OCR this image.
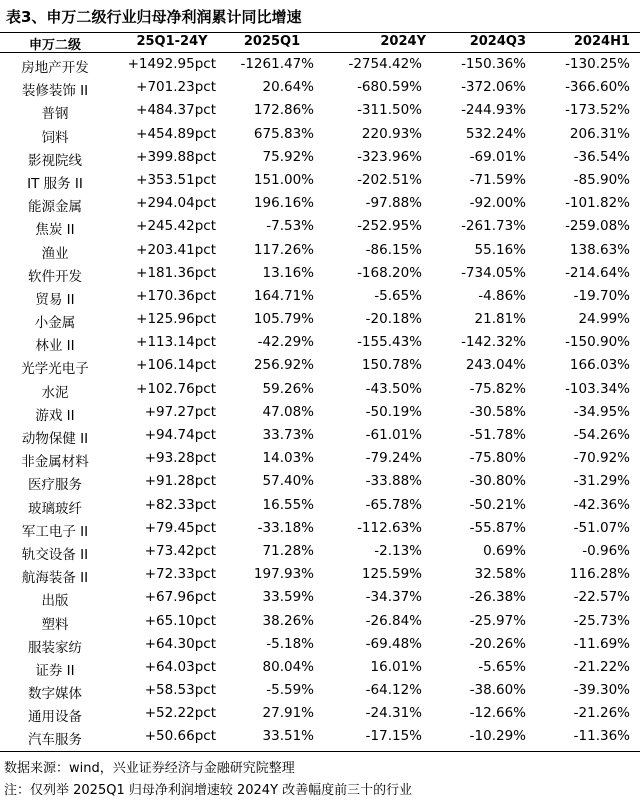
表3、申万二级行业归母净利润累计同比增速
申万二级	25Q1-24Y	2025Q1	2024Y	2024Q3	2024H1
房地产开发	+1492.95pct	-1261.47%	-2754.42%	-150.36%	-130.25%
装修装饰 II	+701.23pct	20.64%	-680.59%	-372.06%	-366.60%
普钢	+484.37pct	172.86%	-311.50%	-244.93%	-173.52%
饲料	+454.89pct	675.83%	220.93%	532.24%	206.31%
影视院线	+399.88pct	75.92%	-323.96%	-69.01%	-36.54%
IT 服务 II	+353.51pct	151.00%	-202.51%	-71.59%	-85.90%
能源金属	+294.04pct	196.16%	-97.88%	-92.00%	-101.82%
焦炭 II	+245.42pct	-7.53%	-252.95%	-261.73%	-259.08%
渔业	+203.41pct	117.26%	-86.15%	55.16%	138.63%
软件开发	+181.36pct	13.16%	-168.20%	-734.05%	-214.64%
贸易 II	+170.36pct	164.71%	-5.65%	-4.86%	-19.70%
小金属	+125.96pct	105.79%	-20.18%	21.81%	24.99%
林业 II	+113.14pct	-42.29%	-155.43%	-142.32%	-150.90%
光学光电子	+106.14pct	256.92%	150.78%	243.04%	166.03%
水泥	+102.76pct	59.26%	-43.50%	-75.82%	-103.34%
游戏 II	+97.27pct	47.08%	-50.19%	-30.58%	-34.95%
动物保健 II	+94.74pct	33.73%	-61.01%	-51.78%	-54.26%
非金属材料	+93.28pct	14.03%	-79.24%	-75.80%	-70.92%
医疗服务	+91.28pct	57.40%	-33.88%	-30.80%	-31.29%
玻璃玻纤	+82.33pct	16.55%	-65.78%	-50.21%	-42.36%
军工电子 II	+79.45pct	-33.18%	-112.63%	-55.87%	-51.07%
轨交设备 II	+73.42pct	71.28%	-2.13%	0.69%	-0.96%
航海装备 II	+72.33pct	197.93%	125.59%	32.58%	116.28%
出版	+67.96pct	33.59%	-34.37%	-26.38%	-22.57%
塑料	+65.10pct	38.26%	-26.84%	-25.97%	-25.73%
服装家纺	+64.30pct	-5.18%	-69.48%	-20.26%	-11.69%
证券 II	+64.03pct	80.04%	16.01%	-5.65%	-21.22%
数字媒体	+58.53pct	-5.59%	-64.12%	-38.60%	-39.30%
通用设备	+52.22pct	27.91%	-24.31%	-12.66%	-21.26%
汽车服务	+50.66pct	33.51%	-17.15%	-10.29%	-11.36%
数据来源：wind，兴业证券经济与金融研究院整理
注：仅列举 2025Q1 归母净利润增速较 2024Y 改善幅度前三十的行业
